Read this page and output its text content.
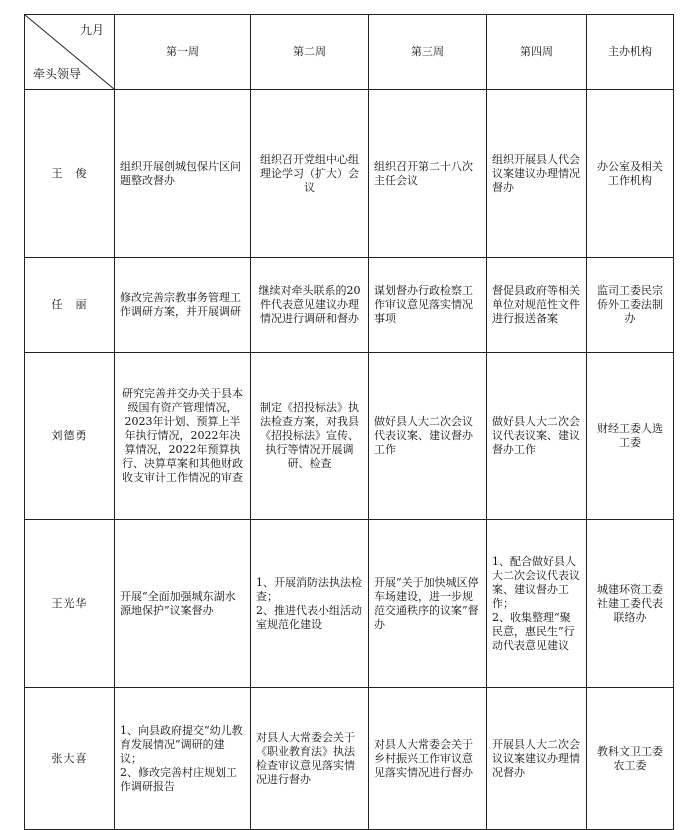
九月
牵头领导	第一周	第二周	第三周	第四周	主办机构
王　俊	组织开展创城包保片区问题整改督办	组织召开党组中心组理论学习（扩大）会议	组织召开第二十八次主任会议	组织开展县人代会议案建议办理情况督办	办公室及相关工作机构
任　丽	修改完善宗教事务管理工作调研方案，并开展调研	继续对牵头联系的20件代表意见建议办理情况进行调研和督办	谋划督办行政检察工作审议意见落实情况事项	督促县政府等相关单位对规范性文件进行报送备案	监司工委民宗侨外工委法制办
刘德勇	研究完善并交办关于县本级国有资产管理情况，2023年计划、预算上半年执行情况，2022年决算情况，2022年预算执行、决算草案和其他财政收支审计工作情况的审查	制定《招投标法》执法检查方案，对我县《招投标法》宣传、执行等情况开展调研、检查	做好县人大二次会议代表议案、建议督办工作	做好县人大二次会议代表议案、建议督办工作	财经工委人选工委
王光华	开展“全面加强城东湖水源地保护”议案督办	1、开展消防法执法检查；
2、推进代表小组活动室规范化建设	开展“关于加快城区停车场建设，进一步规范交通秩序的议案”督办	1、配合做好县人大二次会议代表议案、建议督办工作；
2、收集整理“聚民意，惠民生”行动代表意见建议	城建环资工委社建工委代表联络办
张大喜	1、向县政府提交“幼儿教育发展情况”调研的建议；
2、修改完善村庄规划工作调研报告	对县人大常委会关于《职业教育法》执法检查审议意见落实情况进行督办	对县人大常委会关于乡村振兴工作审议意见落实情况进行督办	开展县人大二次会议议案建议办理情况督办	教科文卫工委农工委
